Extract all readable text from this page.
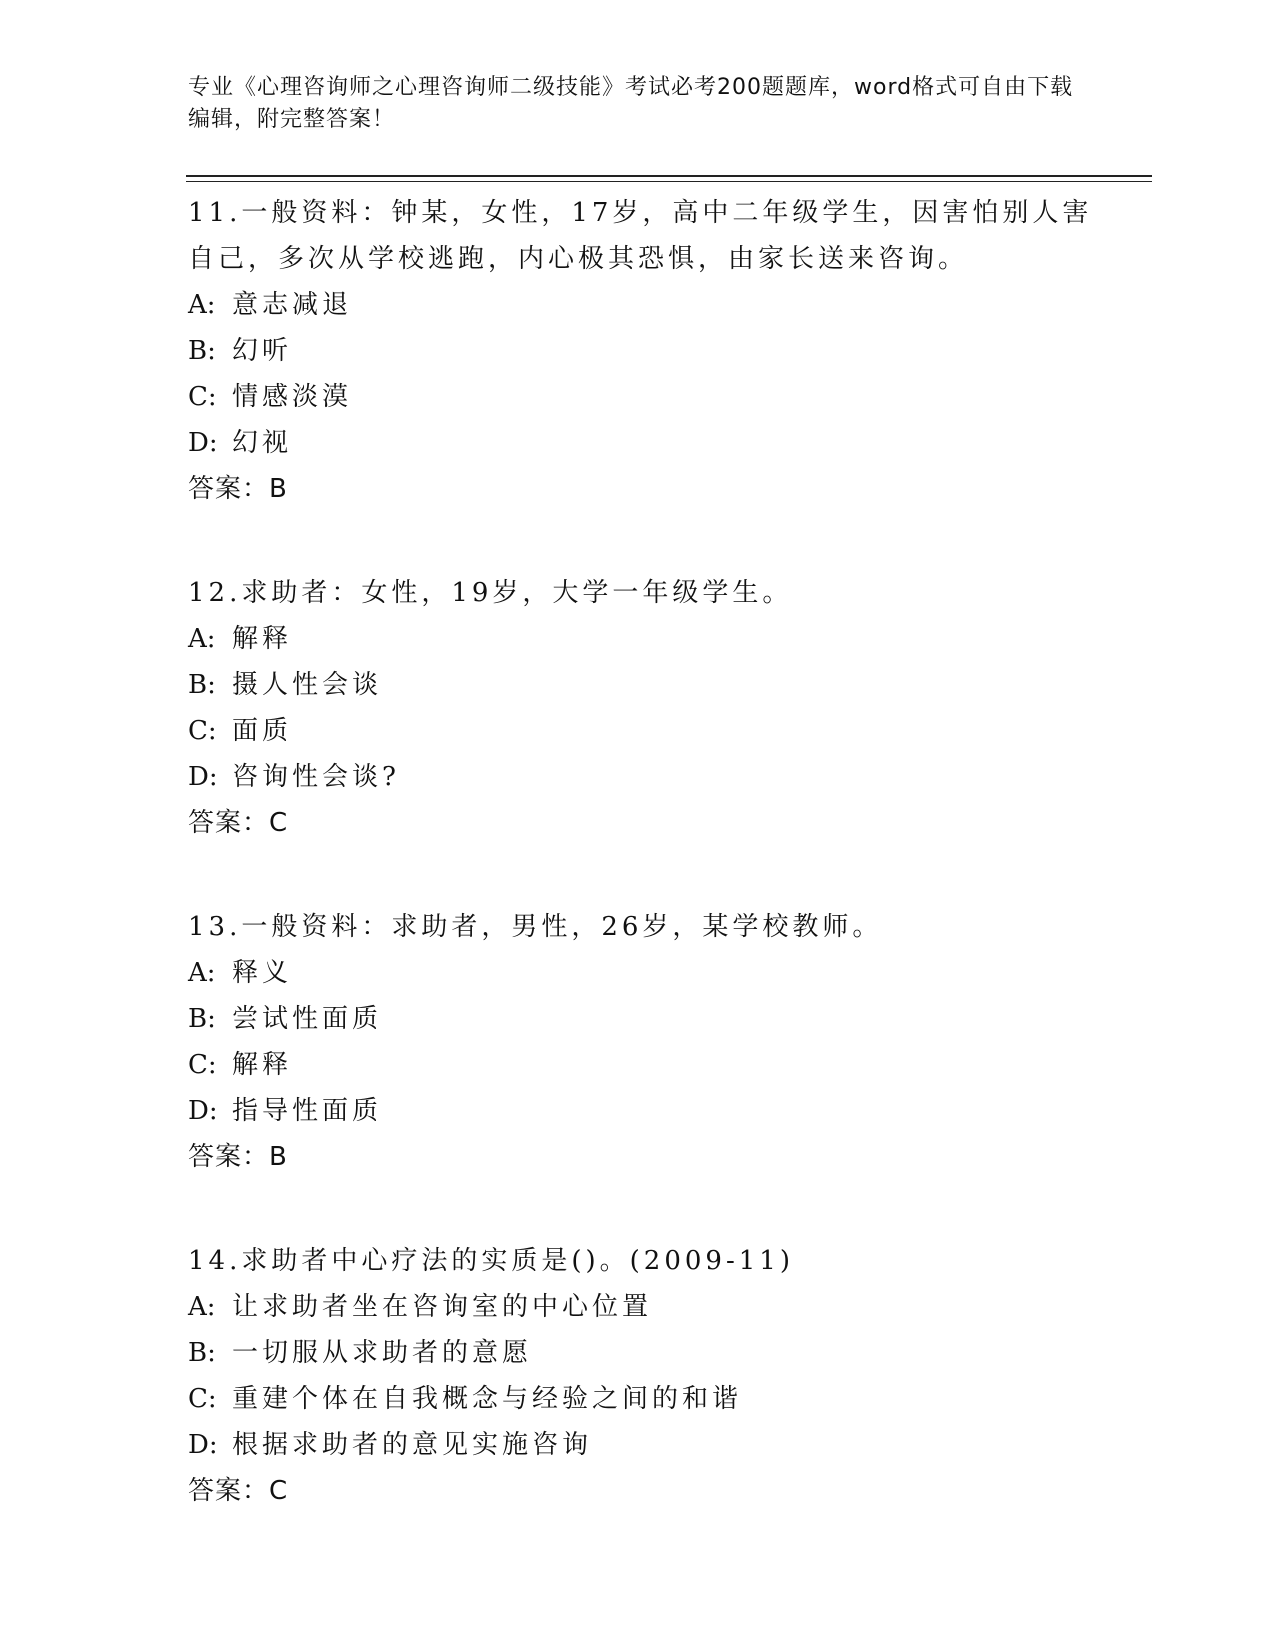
专业《心理咨询师之心理咨询师二级技能》考试必考200题题库，word格式可自由下载编辑，附完整答案！
11.一般资料：钟某，女性，17岁，高中二年级学生，因害怕别人害自己，多次从学校逃跑，内心极其恐惧，由家长送来咨询。
A: 意志减退
B: 幻听
C: 情感淡漠
D: 幻视
答案：B
12.求助者：女性，19岁，大学一年级学生。
A: 解释
B: 摄人性会谈
C: 面质
D: 咨询性会谈?
答案：C
13.一般资料：求助者，男性，26岁，某学校教师。
A: 释义
B: 尝试性面质
C: 解释
D: 指导性面质
答案：B
14.求助者中心疗法的实质是()。(2009-11)
A: 让求助者坐在咨询室的中心位置
B: 一切服从求助者的意愿
C: 重建个体在自我概念与经验之间的和谐
D: 根据求助者的意见实施咨询
答案：C
